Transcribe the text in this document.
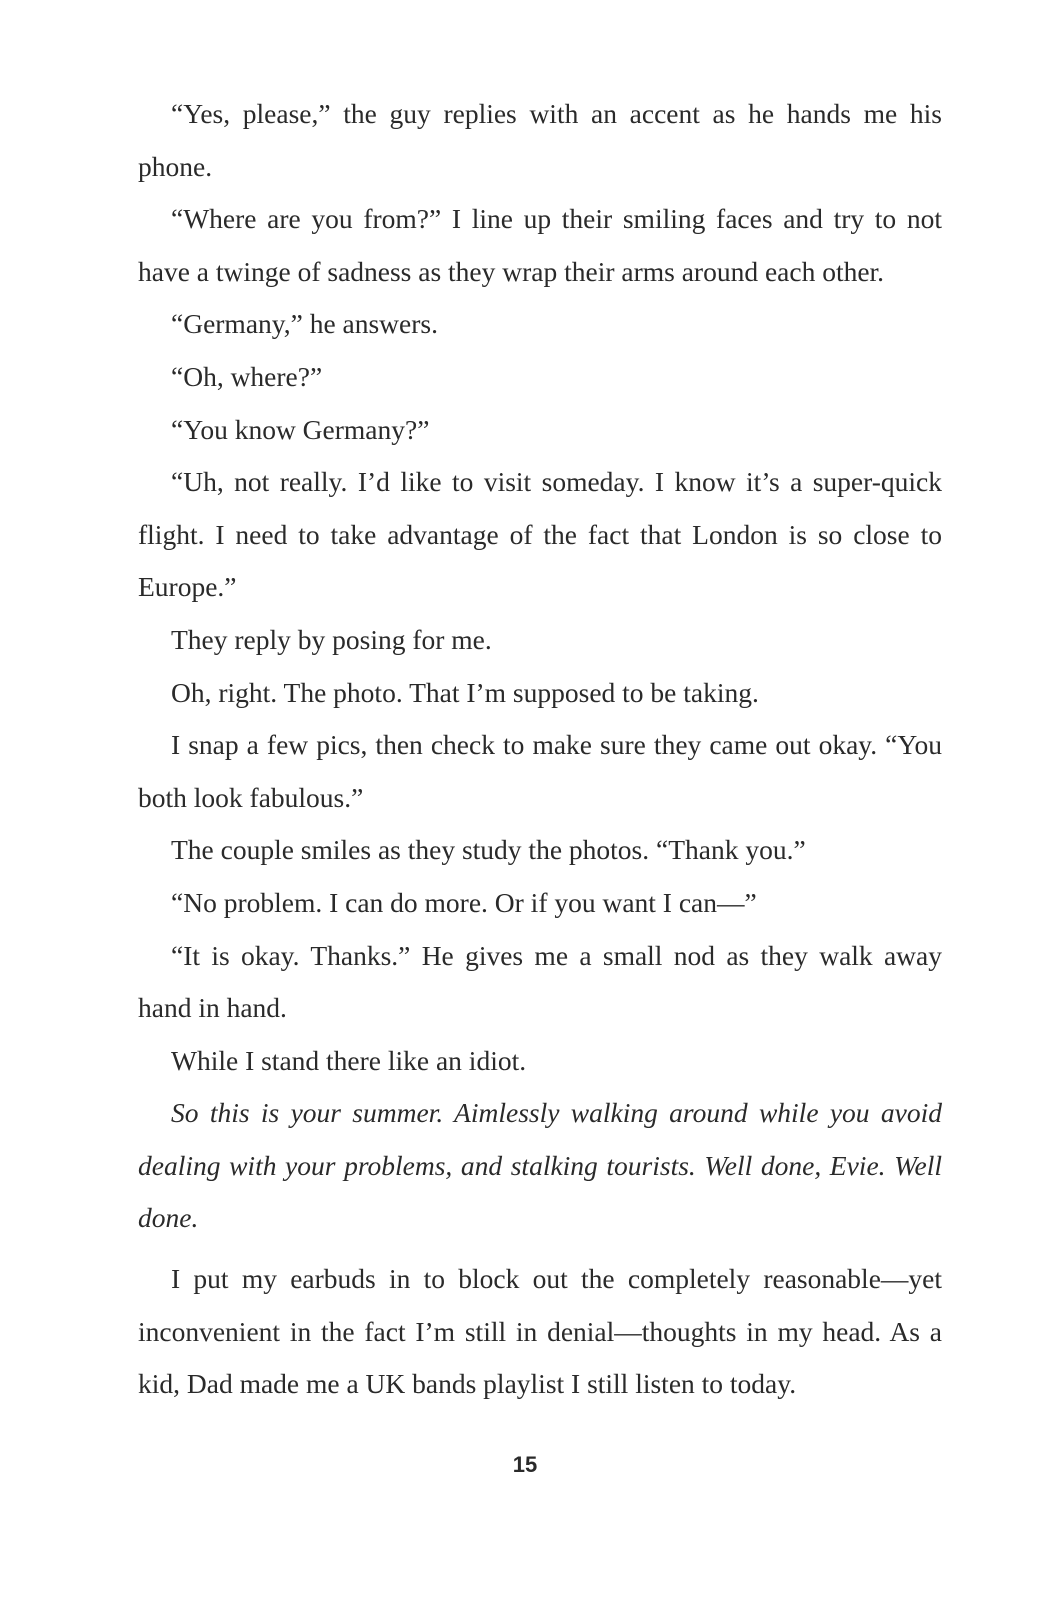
“Yes, please,” the guy replies with an accent as he hands me his phone.

“Where are you from?” I line up their smiling faces and try to not have a twinge of sadness as they wrap their arms around each other.

“Germany,” he answers.

“Oh, where?”

“You know Germany?”

“Uh, not really. I’d like to visit someday. I know it’s a super-quick flight. I need to take advantage of the fact that London is so close to Europe.”

They reply by posing for me.

Oh, right. The photo. That I’m supposed to be taking.

I snap a few pics, then check to make sure they came out okay. “You both look fabulous.”

The couple smiles as they study the photos. “Thank you.”

“No problem. I can do more. Or if you want I can—”

“It is okay. Thanks.” He gives me a small nod as they walk away hand in hand.

While I stand there like an idiot.

So this is your summer. Aimlessly walking around while you avoid dealing with your problems, and stalking tourists. Well done, Evie. Well done.

I put my earbuds in to block out the completely reasonable—yet inconvenient in the fact I’m still in denial—thoughts in my head. As a kid, Dad made me a UK bands playlist I still listen to today.

15
